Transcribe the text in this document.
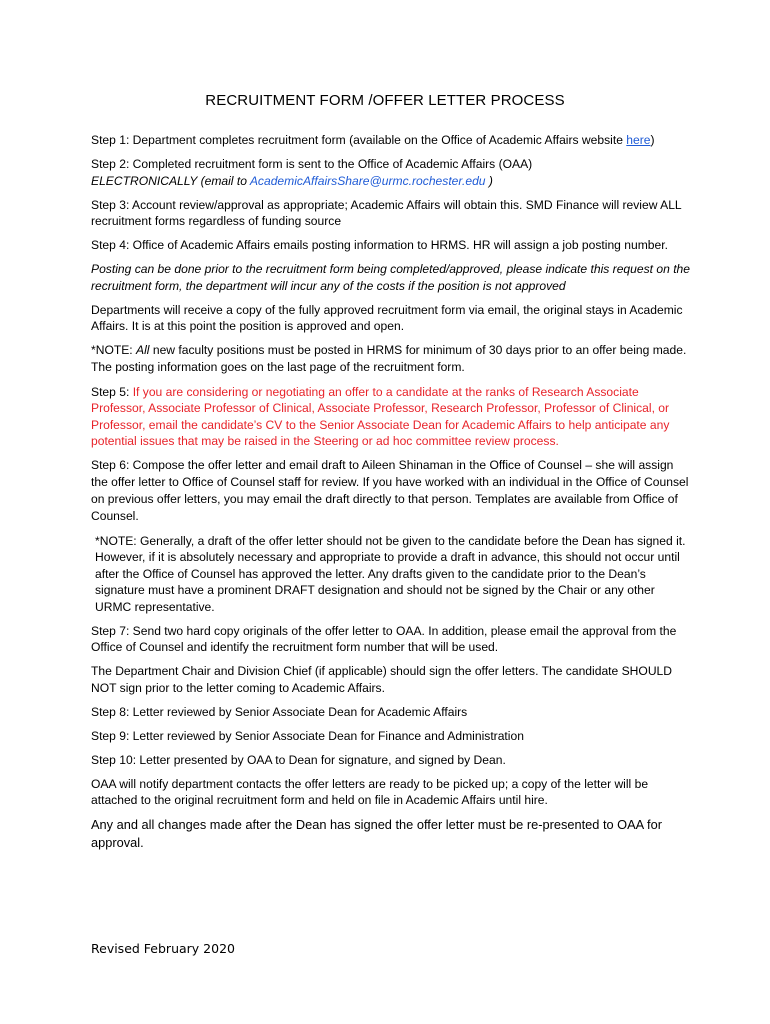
RECRUITMENT FORM /OFFER LETTER PROCESS

Step 1: Department completes recruitment form (available on the Office of Academic Affairs website here)

Step 2: Completed recruitment form is sent to the Office of Academic Affairs (OAA)
ELECTRONICALLY (email to AcademicAffairsShare@urmc.rochester.edu )

Step 3: Account review/approval as appropriate; Academic Affairs will obtain this. SMD Finance will review ALL recruitment forms regardless of funding source

Step 4: Office of Academic Affairs emails posting information to HRMS. HR will assign a job posting number.

Posting can be done prior to the recruitment form being completed/approved, please indicate this request on the recruitment form, the department will incur any of the costs if the position is not approved

Departments will receive a copy of the fully approved recruitment form via email, the original stays in Academic Affairs. It is at this point the position is approved and open.

*NOTE: All new faculty positions must be posted in HRMS for minimum of 30 days prior to an offer being made. The posting information goes on the last page of the recruitment form.

Step 5: If you are considering or negotiating an offer to a candidate at the ranks of Research Associate Professor, Associate Professor of Clinical, Associate Professor, Research Professor, Professor of Clinical, or Professor, email the candidate’s CV to the Senior Associate Dean for Academic Affairs to help anticipate any potential issues that may be raised in the Steering or ad hoc committee review process.

Step 6: Compose the offer letter and email draft to Aileen Shinaman in the Office of Counsel – she will assign the offer letter to Office of Counsel staff for review. If you have worked with an individual in the Office of Counsel on previous offer letters, you may email the draft directly to that person. Templates are available from Office of Counsel.

*NOTE: Generally, a draft of the offer letter should not be given to the candidate before the Dean has signed it. However, if it is absolutely necessary and appropriate to provide a draft in advance, this should not occur until after the Office of Counsel has approved the letter. Any drafts given to the candidate prior to the Dean’s signature must have a prominent DRAFT designation and should not be signed by the Chair or any other URMC representative.

Step 7: Send two hard copy originals of the offer letter to OAA. In addition, please email the approval from the Office of Counsel and identify the recruitment form number that will be used.

The Department Chair and Division Chief (if applicable) should sign the offer letters. The candidate SHOULD NOT sign prior to the letter coming to Academic Affairs.

Step 8: Letter reviewed by Senior Associate Dean for Academic Affairs

Step 9: Letter reviewed by Senior Associate Dean for Finance and Administration

Step 10: Letter presented by OAA to Dean for signature, and signed by Dean.

OAA will notify department contacts the offer letters are ready to be picked up; a copy of the letter will be attached to the original recruitment form and held on file in Academic Affairs until hire.

Any and all changes made after the Dean has signed the offer letter must be re-presented to OAA for approval.

Revised February 2020
